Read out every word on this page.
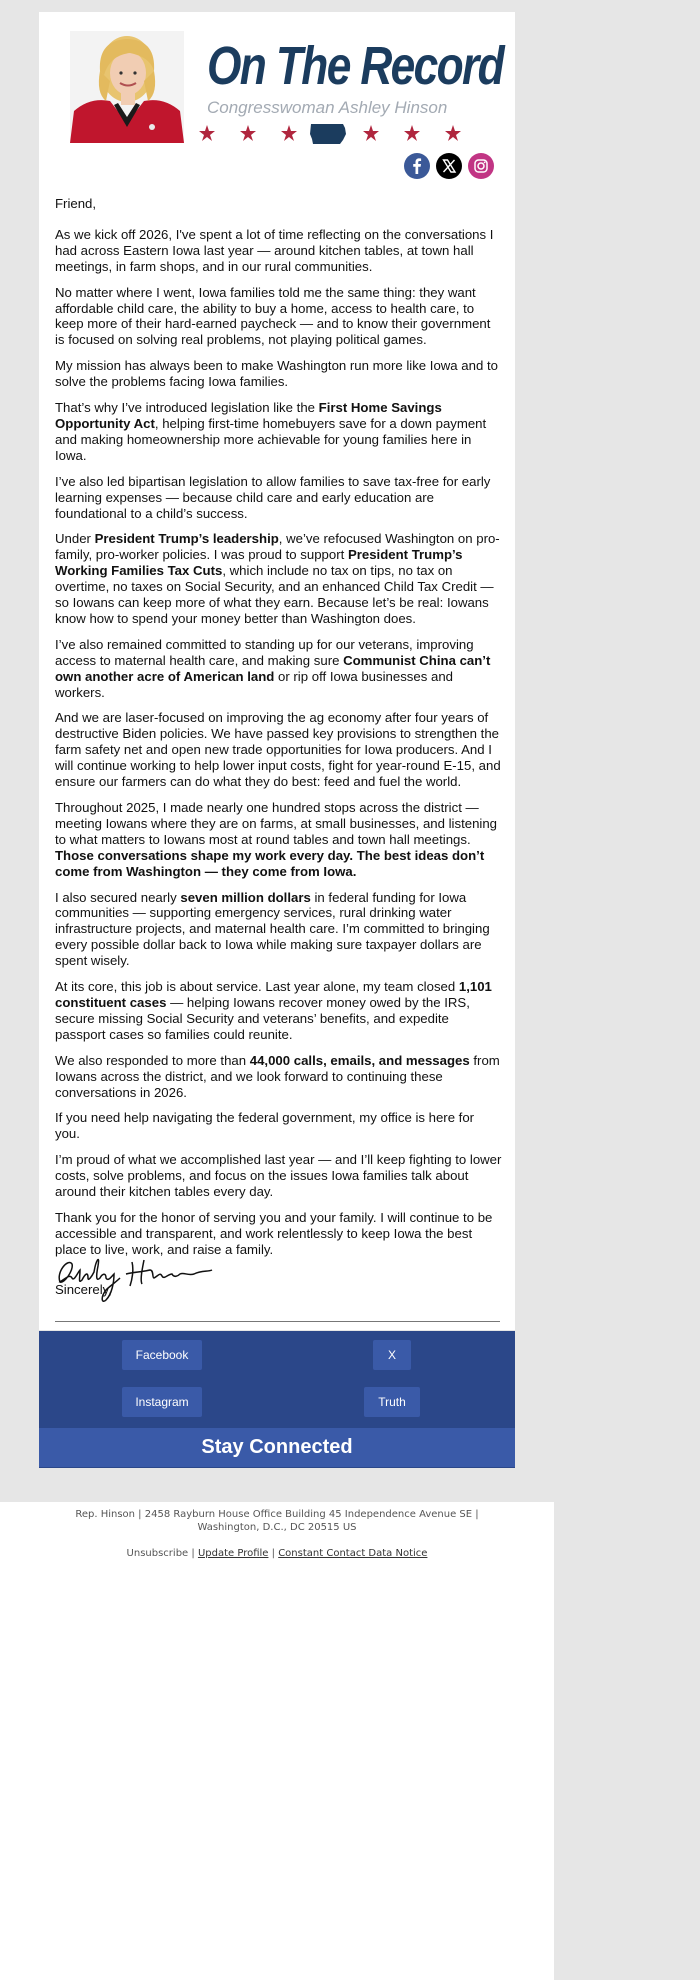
On The Record
Congresswoman Ashley Hinson

Friend,

As we kick off 2026, I've spent a lot of time reflecting on the conversations I had across Eastern Iowa last year — around kitchen tables, at town hall meetings, in farm shops, and in our rural communities.

No matter where I went, Iowa families told me the same thing: they want affordable child care, the ability to buy a home, access to health care, to keep more of their hard-earned paycheck — and to know their government is focused on solving real problems, not playing political games.

My mission has always been to make Washington run more like Iowa and to solve the problems facing Iowa families.

That’s why I’ve introduced legislation like the First Home Savings Opportunity Act, helping first-time homebuyers save for a down payment and making homeownership more achievable for young families here in Iowa.

I’ve also led bipartisan legislation to allow families to save tax-free for early learning expenses — because child care and early education are foundational to a child’s success.

Under President Trump’s leadership, we’ve refocused Washington on pro-family, pro-worker policies. I was proud to support President Trump’s Working Families Tax Cuts, which include no tax on tips, no tax on overtime, no taxes on Social Security, and an enhanced Child Tax Credit — so Iowans can keep more of what they earn. Because let’s be real: Iowans know how to spend your money better than Washington does.

I’ve also remained committed to standing up for our veterans, improving access to maternal health care, and making sure Communist China can’t own another acre of American land or rip off Iowa businesses and workers.

And we are laser-focused on improving the ag economy after four years of destructive Biden policies. We have passed key provisions to strengthen the farm safety net and open new trade opportunities for Iowa producers. And I will continue working to help lower input costs, fight for year-round E-15, and ensure our farmers can do what they do best: feed and fuel the world.

Throughout 2025, I made nearly one hundred stops across the district — meeting Iowans where they are on farms, at small businesses, and listening to what matters to Iowans most at round tables and town hall meetings. Those conversations shape my work every day. The best ideas don’t come from Washington — they come from Iowa.

I also secured nearly seven million dollars in federal funding for Iowa communities — supporting emergency services, rural drinking water infrastructure projects, and maternal health care. I’m committed to bringing every possible dollar back to Iowa while making sure taxpayer dollars are spent wisely.

At its core, this job is about service. Last year alone, my team closed 1,101 constituent cases — helping Iowans recover money owed by the IRS, secure missing Social Security and veterans’ benefits, and expedite passport cases so families could reunite.

We also responded to more than 44,000 calls, emails, and messages from Iowans across the district, and we look forward to continuing these conversations in 2026.

If you need help navigating the federal government, my office is here for you.

I’m proud of what we accomplished last year — and I’ll keep fighting to lower costs, solve problems, and focus on the issues Iowa families talk about around their kitchen tables every day.

Thank you for the honor of serving you and your family. I will continue to be accessible and transparent, and work relentlessly to keep Iowa the best place to live, work, and raise a family.

Sincerely,

Facebook	X
Instagram	Truth
Stay Connected
Rep. Hinson | 2458 Rayburn House Office Building 45 Independence Avenue SE |
Washington, D.C., DC 20515 US
Unsubscribe | Update Profile | Constant Contact Data Notice
